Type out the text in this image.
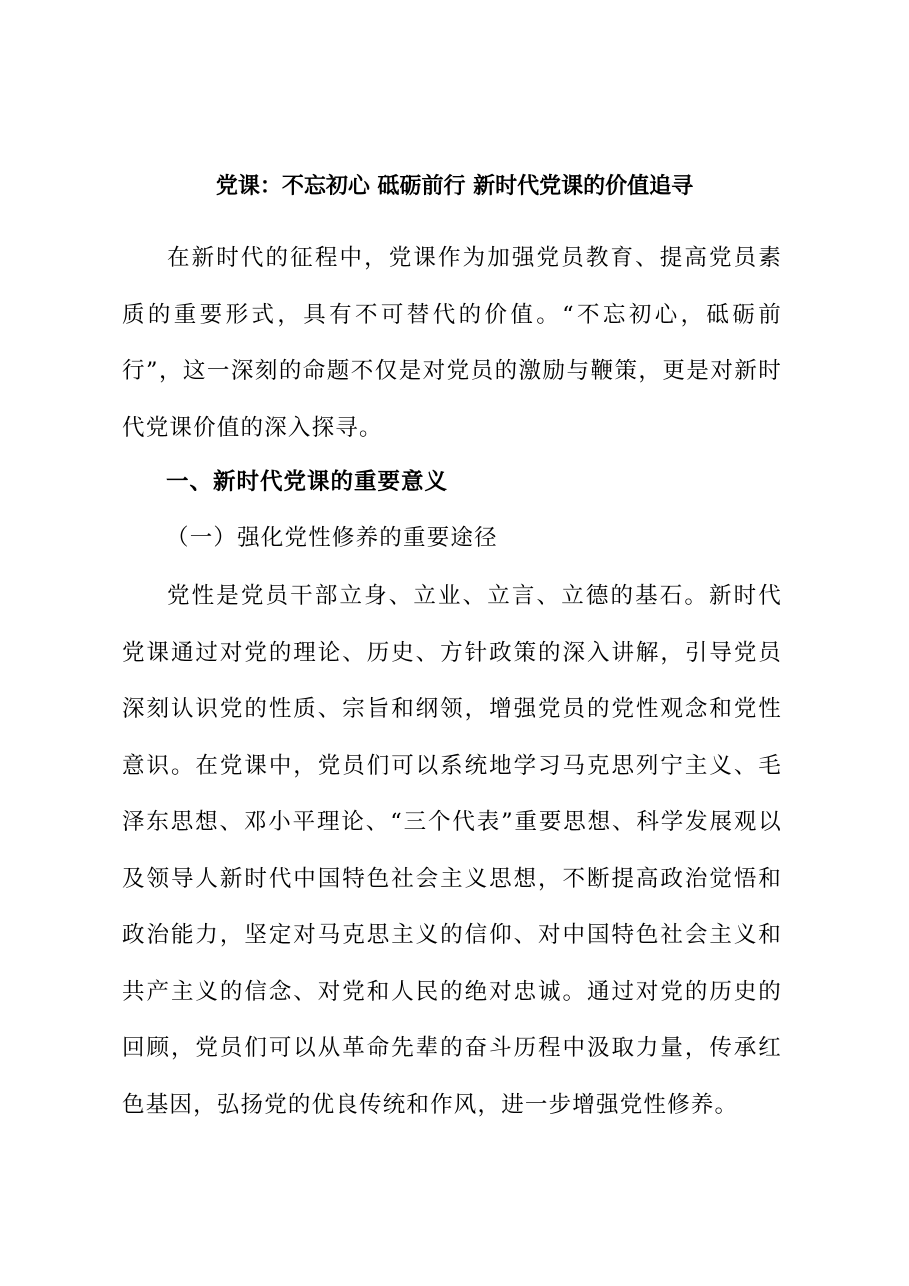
党课：不忘初心 砥砺前行 新时代党课的价值追寻
在新时代的征程中，党课作为加强党员教育、提高党员素质的重要形式，具有不可替代的价值。“不忘初心，砥砺前行”，这一深刻的命题不仅是对党员的激励与鞭策，更是对新时代党课价值的深入探寻。
一、新时代党课的重要意义
（一）强化党性修养的重要途径
党性是党员干部立身、立业、立言、立德的基石。新时代党课通过对党的理论、历史、方针政策的深入讲解，引导党员深刻认识党的性质、宗旨和纲领，增强党员的党性观念和党性意识。在党课中，党员们可以系统地学习马克思列宁主义、毛泽东思想、邓小平理论、“三个代表”重要思想、科学发展观以及领导人新时代中国特色社会主义思想，不断提高政治觉悟和政治能力，坚定对马克思主义的信仰、对中国特色社会主义和共产主义的信念、对党和人民的绝对忠诚。通过对党的历史的回顾，党员们可以从革命先辈的奋斗历程中汲取力量，传承红色基因，弘扬党的优良传统和作风，进一步增强党性修养。
